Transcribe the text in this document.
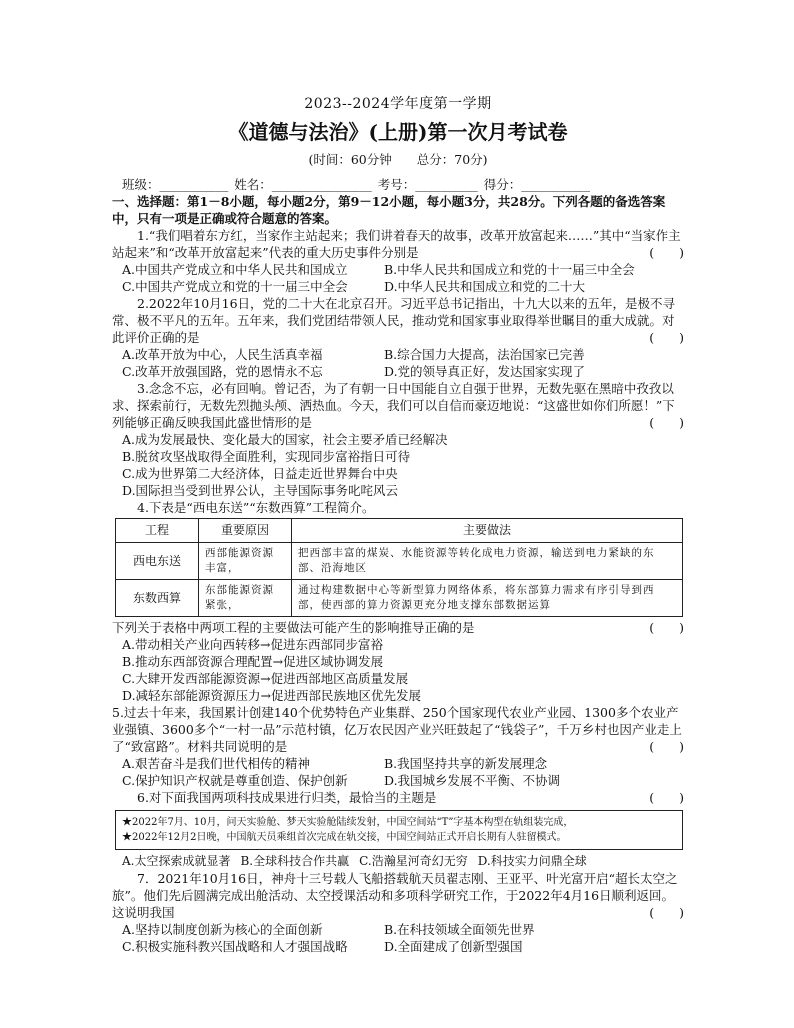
2023--2024学年度第一学期
《道德与法治》(上册)第一次月考试卷
(时间：60分钟　　总分：70分)
班级：___________ 姓名：________________ 考号：__________ 得分：___________
一、选择题：第1－8小题，每小题2分，第9－12小题，每小题3分，共28分。下列各题的备选答案中，只有一项是正确或符合题意的答案。
1.“我们唱着东方红，当家作主站起来；我们讲着春天的故事，改革开放富起来……”其中“当家作主站起来”和“改革开放富起来”代表的重大历史事件分别是	(　　)
A.中国共产党成立和中华人民共和国成立	B.中华人民共和国成立和党的十一届三中全会
C.中国共产党成立和党的十一届三中全会	D.中华人民共和国成立和党的二十大
2.2022年10月16日，党的二十大在北京召开。习近平总书记指出，十九大以来的五年，是极不寻常、极不平凡的五年。五年来，我们党团结带领人民，推动党和国家事业取得举世瞩目的重大成就。对此评价正确的是	(　　)
A.改革开放为中心，人民生活真幸福	B.综合国力大提高，法治国家已完善
C.改革开放强国路，党的恩情永不忘	D.党的领导真正好，发达国家实现了
3.念念不忘，必有回响。曾记否，为了有朝一日中国能自立自强于世界，无数先驱在黑暗中孜孜以求、探索前行，无数先烈抛头颅、洒热血。今天，我们可以自信而豪迈地说：“这盛世如你们所愿！”下列能够正确反映我国此盛世情形的是	(　　)
A.成为发展最快、变化最大的国家，社会主要矛盾已经解决
B.脱贫攻坚战取得全面胜利，实现同步富裕指日可待
C.成为世界第二大经济体，日益走近世界舞台中央
D.国际担当受到世界公认，主导国际事务叱咤风云
4.下表是“西电东送”“东数西算”工程简介。
工程	重要原因	主要做法
西电东送	西部能源资源丰富，	把西部丰富的煤炭、水能资源等转化成电力资源，输送到电力紧缺的东部、沿海地区
东数西算	东部能源资源紧张，	通过构建数据中心等新型算力网络体系，将东部算力需求有序引导到西部，使西部的算力资源更充分地支撑东部数据运算
下列关于表格中两项工程的主要做法可能产生的影响推导正确的是	(　　)
A.带动相关产业向西转移→促进东西部同步富裕
B.推动东西部资源合理配置→促进区域协调发展
C.大肆开发西部能源资源→促进西部地区高质量发展
D.减轻东部能源资源压力→促进西部民族地区优先发展
5.过去十年来，我国累计创建140个优势特色产业集群、250个国家现代农业产业园、1300多个农业产业强镇、3600多个“一村一品”示范村镇，亿万农民因产业兴旺鼓起了“钱袋子”，千万乡村也因产业走上了“致富路”。材料共同说明的是	(　　)
A.艰苦奋斗是我们世代相传的精神	B.我国坚持共享的新发展理念
C.保护知识产权就是尊重创造、保护创新	D.我国城乡发展不平衡、不协调
6.对下面我国两项科技成果进行归类，最恰当的主题是	(　　)
★2022年7月、10月，问天实验舱、梦天实验舱陆续发射，中国空间站“T”字基本构型在轨组装完成，
★2022年12月2日晚，中国航天员乘组首次完成在轨交接，中国空间站正式开启长期有人驻留模式。
A.太空探索成就显著 B.全球科技合作共赢 C.浩瀚星河奇幻无穷 D.科技实力问鼎全球
7．2021年10月16日，神舟十三号载人飞船搭载航天员翟志刚、王亚平、叶光富开启“超长太空之旅”。他们先后圆满完成出舱活动、太空授课活动和多项科学研究工作，于2022年4月16日顺利返回。这说明我国	(　　)
A.坚持以制度创新为核心的全面创新	B.在科技领域全面领先世界
C.积极实施科教兴国战略和人才强国战略	D.全面建成了创新型强国
